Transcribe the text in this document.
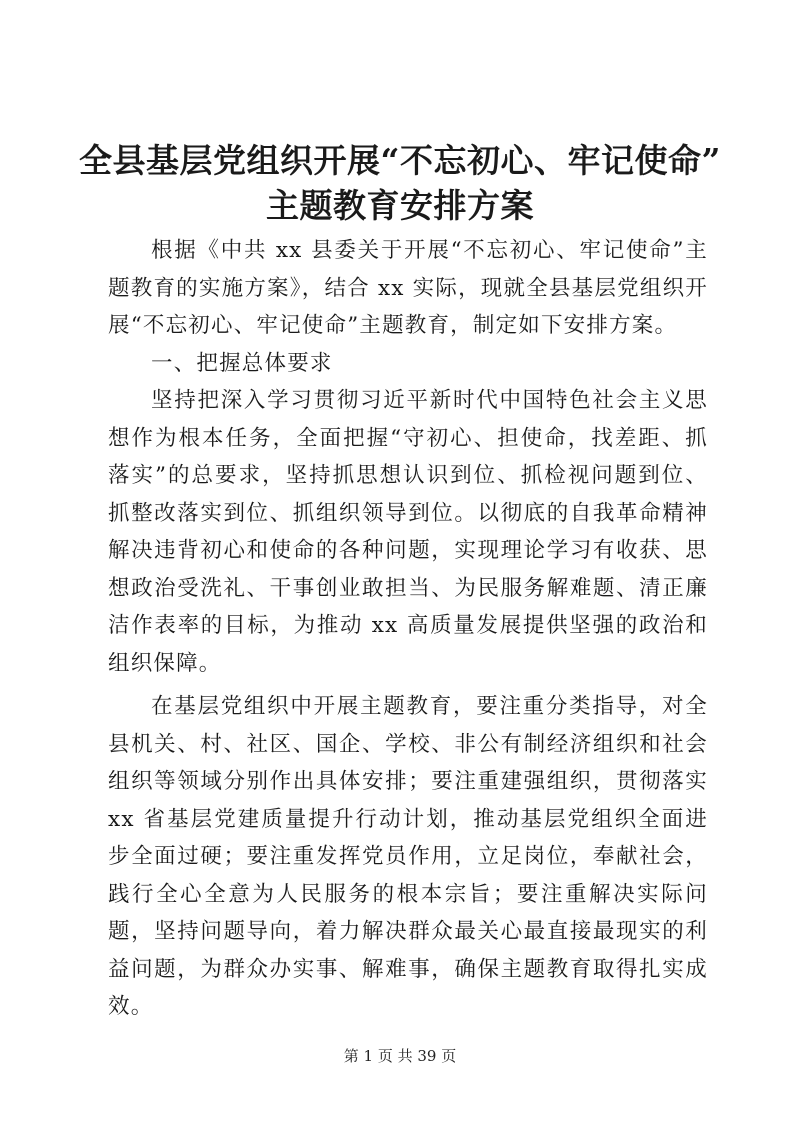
全县基层党组织开展“不忘初心、牢记使命”
主题教育安排方案

根据《中共 xx 县委关于开展“不忘初心、牢记使命”主题教育的实施方案》，结合 xx 实际，现就全县基层党组织开展“不忘初心、牢记使命”主题教育，制定如下安排方案。

一、把握总体要求

坚持把深入学习贯彻习近平新时代中国特色社会主义思想作为根本任务，全面把握“守初心、担使命，找差距、抓落实”的总要求，坚持抓思想认识到位、抓检视问题到位、抓整改落实到位、抓组织领导到位。以彻底的自我革命精神解决违背初心和使命的各种问题，实现理论学习有收获、思想政治受洗礼、干事创业敢担当、为民服务解难题、清正廉洁作表率的目标，为推动 xx 高质量发展提供坚强的政治和组织保障。

在基层党组织中开展主题教育，要注重分类指导，对全县机关、村、社区、国企、学校、非公有制经济组织和社会组织等领域分别作出具体安排；要注重建强组织，贯彻落实 xx 省基层党建质量提升行动计划，推动基层党组织全面进步全面过硬；要注重发挥党员作用，立足岗位，奉献社会，践行全心全意为人民服务的根本宗旨；要注重解决实际问题，坚持问题导向，着力解决群众最关心最直接最现实的利益问题，为群众办实事、解难事，确保主题教育取得扎实成效。

第 1 页 共 39 页
